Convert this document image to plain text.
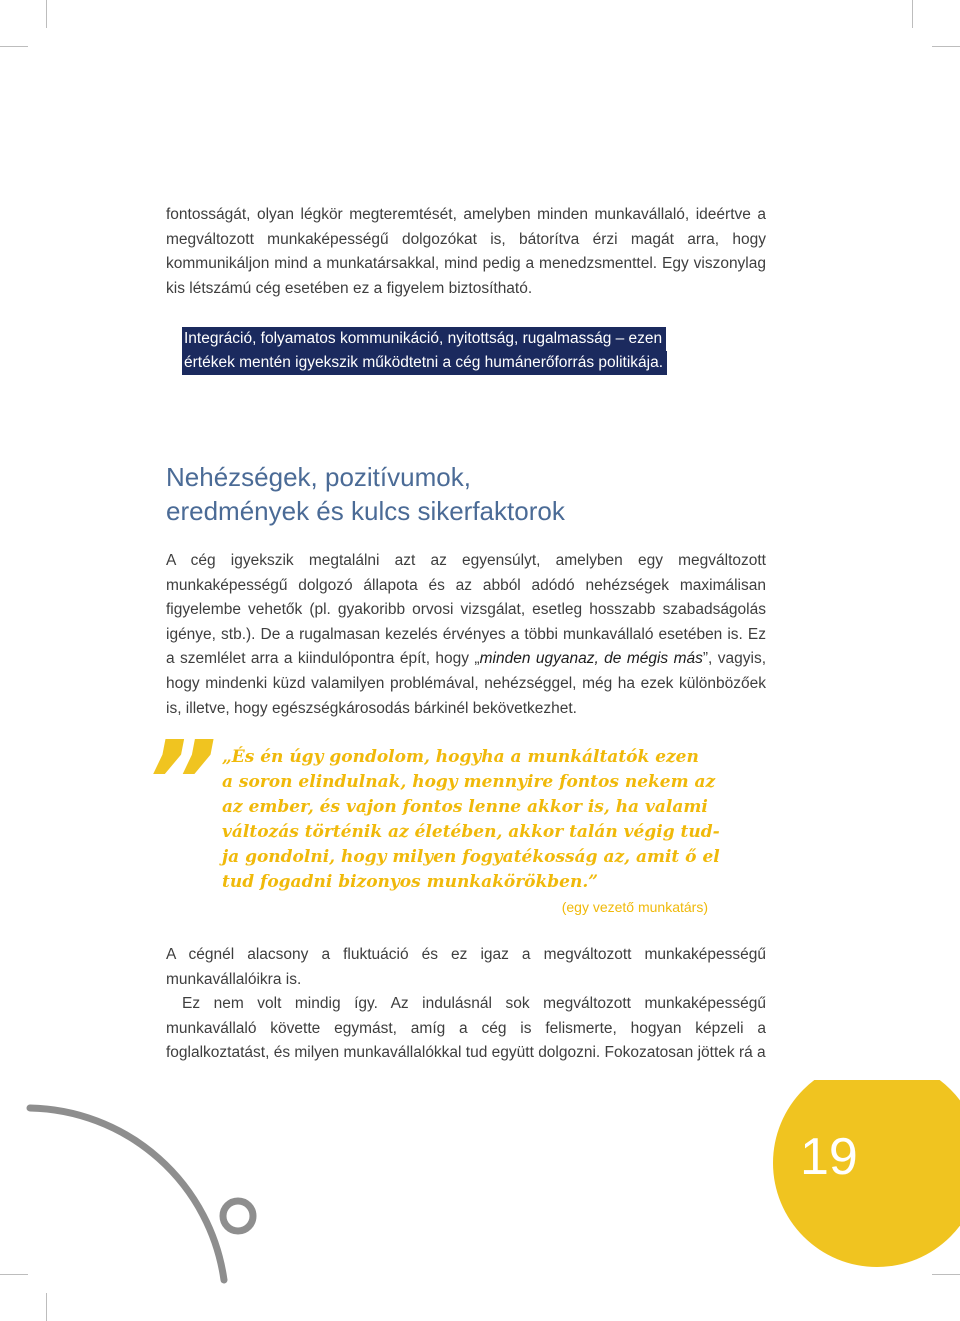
fontosságát, olyan légkör megteremtését, amelyben minden munkavállaló, ideértve a megváltozott munkaképességű dolgozókat is, bátorítva érzi magát arra, hogy kommunikáljon mind a munkatársakkal, mind pedig a menedzsmenttel. Egy viszonylag kis létszámú cég esetében ez a figyelem biztosítható.

Integráció, folyamatos kommunikáció, nyitottság, rugalmasság – ezen
értékek mentén igyekszik működtetni a cég humánerőforrás politikája.
Nehézségek, pozitívumok,
eredmények és kulcs sikerfaktorok

A cég igyekszik megtalálni azt az egyensúlyt, amelyben egy megváltozott munkaképességű dolgozó állapota és az abból adódó nehézségek maximálisan figyelembe vehetők (pl. gyakoribb orvosi vizsgálat, esetleg hosszabb szabadságolás igénye, stb.). De a rugalmasan kezelés érvényes a többi munkavállaló esetében is. Ez a szemlélet arra a kiindulópontra épít, hogy „minden ugyanaz, de mégis más”, vagyis, hogy mindenki küzd valamilyen problémával, nehézséggel, még ha ezek különbözőek is, illetve, hogy egészségkárosodás bárkinél bekövetkezhet.

” „És én úgy gondolom, hogyha a munkáltatók ezen
a soron elindulnak, hogy mennyire fontos nekem az
az ember, és vajon fontos lenne akkor is, ha valami
változás történik az életében, akkor talán végig tud-
ja gondolni, hogy milyen fogyatékosság az, amit ő el
tud fogadni bizonyos munkakörökben.”
(egy vezető munkatárs)

A cégnél alacsony a fluktuáció és ez igaz a megváltozott munkaképességű munkavállalóikra is.

Ez nem volt mindig így. Az indulásnál sok megváltozott munkaképességű munkavállaló követte egymást, amíg a cég is felismerte, hogyan képzeli a foglalkoztatást, és milyen munkavállalókkal tud együtt dolgozni. Fokozatosan jöttek rá a

19
